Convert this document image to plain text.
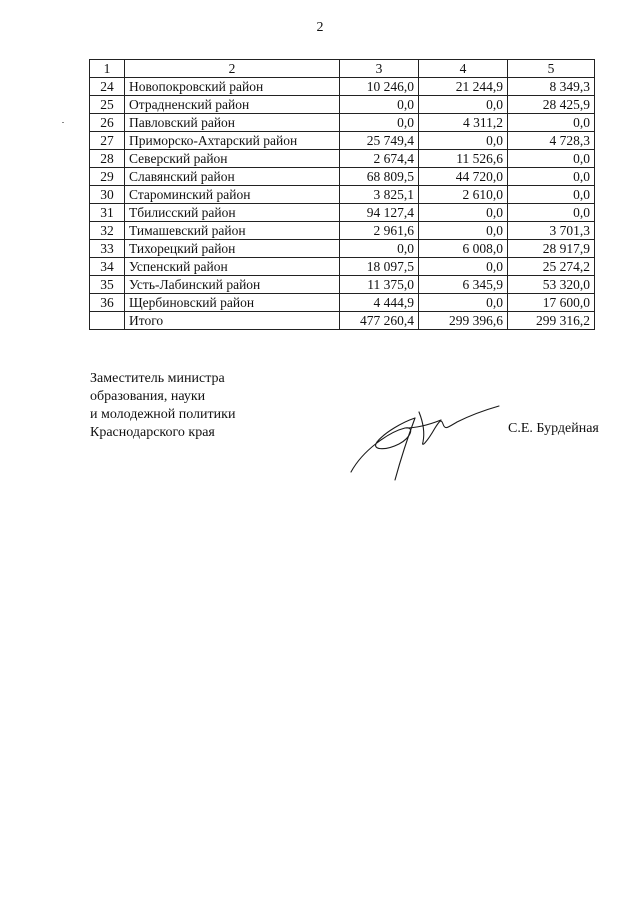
2
1	2	3	4	5
24	Новопокровский район	10 246,0	21 244,9	8 349,3
25	Отрадненский район	0,0	0,0	28 425,9
26	Павловский район	0,0	4 311,2	0,0
27	Приморско-Ахтарский район	25 749,4	0,0	4 728,3
28	Северский район	2 674,4	11 526,6	0,0
29	Славянский район	68 809,5	44 720,0	0,0
30	Староминский район	3 825,1	2 610,0	0,0
31	Тбилисский район	94 127,4	0,0	0,0
32	Тимашевский район	2 961,6	0,0	3 701,3
33	Тихорецкий район	0,0	6 008,0	28 917,9
34	Успенский район	18 097,5	0,0	25 274,2
35	Усть-Лабинский район	11 375,0	6 345,9	53 320,0
36	Щербиновский район	4 444,9	0,0	17 600,0
	Итого	477 260,4	299 396,6	299 316,2
Заместитель министра
образования, науки
и молодежной политики
Краснодарского края	С.Е. Бурдейная
